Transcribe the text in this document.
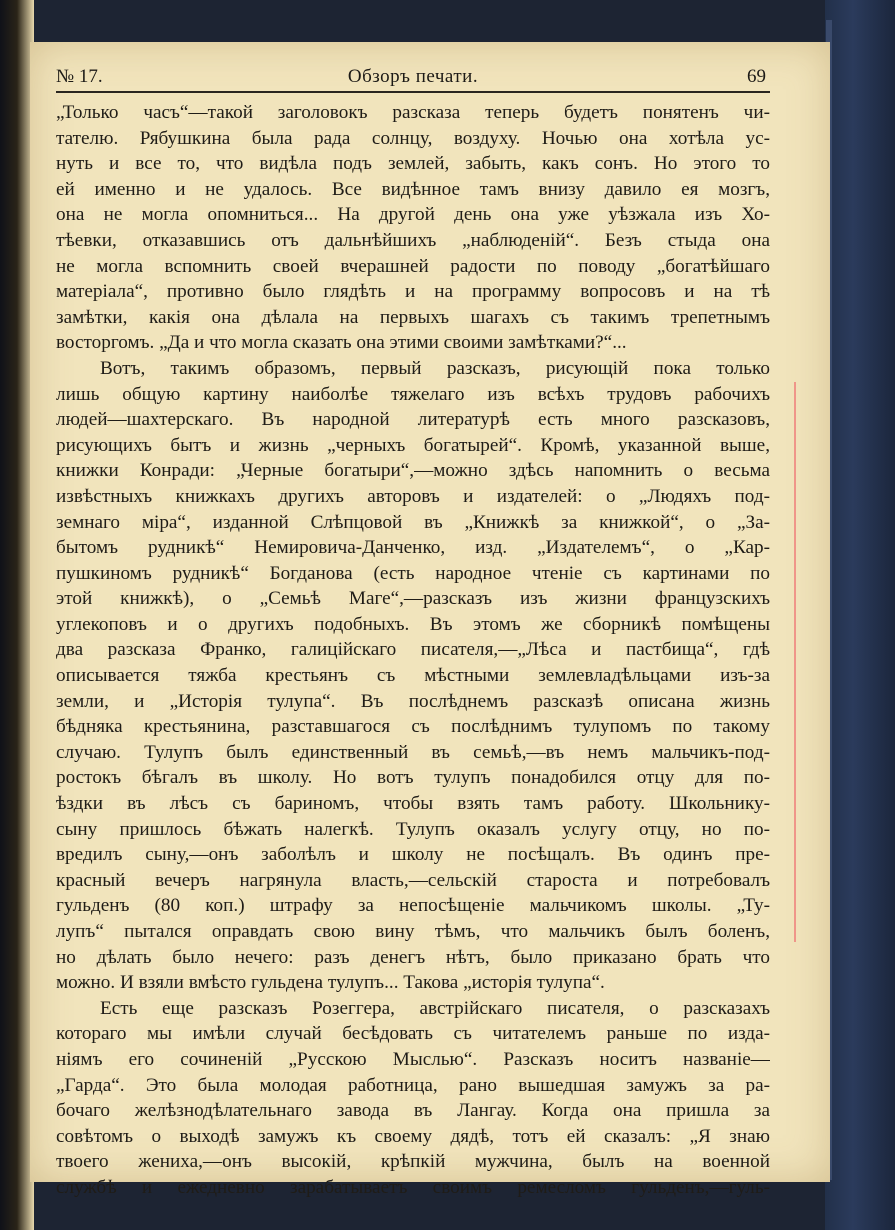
№ 17.	Обзоръ печати.	69
„Только часъ“—такой заголовокъ разсказа теперь будетъ понятенъ чи-
тателю. Рябушкина была рада солнцу, воздуху. Ночью она хотѣла ус-
нуть и все то, что видѣла подъ землей, забыть, какъ сонъ. Но этого то
ей именно и не удалось. Все видѣнное тамъ внизу давило ея мозгъ,
она не могла опомниться... На другой день она уже уѣзжала изъ Хо-
тѣевки, отказавшись отъ дальнѣйшихъ „наблюденій“. Безъ стыда она
не могла вспомнить своей вчерашней радости по поводу „богатѣйшаго
матеріала“, противно было глядѣть и на программу вопросовъ и на тѣ
замѣтки, какія она дѣлала на первыхъ шагахъ съ такимъ трепетнымъ
восторгомъ. „Да и что могла сказать она этими своими замѣтками?“...
Вотъ, такимъ образомъ, первый разсказъ, рисующій пока только
лишь общую картину наиболѣе тяжелаго изъ всѣхъ трудовъ рабочихъ
людей—шахтерскаго. Въ народной литературѣ есть много разсказовъ,
рисующихъ бытъ и жизнь „черныхъ богатырей“. Кромѣ, указанной выше,
книжки Конради: „Черные богатыри“,—можно здѣсь напомнить о весьма
извѣстныхъ книжкахъ другихъ авторовъ и издателей: о „Людяхъ под-
земнаго міра“, изданной Слѣпцовой въ „Книжкѣ за книжкой“, о „За-
бытомъ рудникѣ“ Немировича-Данченко, изд. „Издателемъ“, о „Кар-
пушкиномъ рудникѣ“ Богданова (есть народное чтеніе съ картинами по
этой книжкѣ), о „Семьѣ Маге“,—разсказъ изъ жизни французскихъ
углекоповъ и о другихъ подобныхъ. Въ этомъ же сборникѣ помѣщены
два разсказа Франко, галиційскаго писателя,—„Лѣса и пастбища“, гдѣ
описывается тяжба крестьянъ съ мѣстными землевладѣльцами изъ-за
земли, и „Исторія тулупа“. Въ послѣднемъ разсказѣ описана жизнь
бѣдняка крестьянина, разставшагося съ послѣднимъ тулупомъ по такому
случаю. Тулупъ былъ единственный въ семьѣ,—въ немъ мальчикъ-под-
ростокъ бѣгалъ въ школу. Но вотъ тулупъ понадобился отцу для по-
ѣздки въ лѣсъ съ бариномъ, чтобы взять тамъ работу. Школьнику-
сыну пришлось бѣжать налегкѣ. Тулупъ оказалъ услугу отцу, но по-
вредилъ сыну,—онъ заболѣлъ и школу не посѣщалъ. Въ одинъ пре-
красный вечеръ нагрянула власть,—сельскій староста и потребовалъ
гульденъ (80 коп.) штрафу за непосѣщеніе мальчикомъ школы. „Ту-
лупъ“ пытался оправдать свою вину тѣмъ, что мальчикъ былъ боленъ,
но дѣлать было нечего: разъ денегъ нѣтъ, было приказано брать что
можно. И взяли вмѣсто гульдена тулупъ... Такова „исторія тулупа“.
Есть еще разсказъ Розеггера, австрійскаго писателя, о разсказахъ
котораго мы имѣли случай бесѣдовать съ читателемъ раньше по изда-
ніямъ его сочиненій „Русскою Мыслью“. Разсказъ носитъ названіе—
„Гарда“. Это была молодая работница, рано вышедшая замужъ за ра-
бочаго желѣзнодѣлательнаго завода въ Лангау. Когда она пришла за
совѣтомъ о выходѣ замужъ къ своему дядѣ, тотъ ей сказалъ: „Я знаю
твоего жениха,—онъ высокій, крѣпкій мужчина, былъ на военной
службѣ и ежедневно зарабатываетъ своимъ ремесломъ гульденъ,—гуль-
